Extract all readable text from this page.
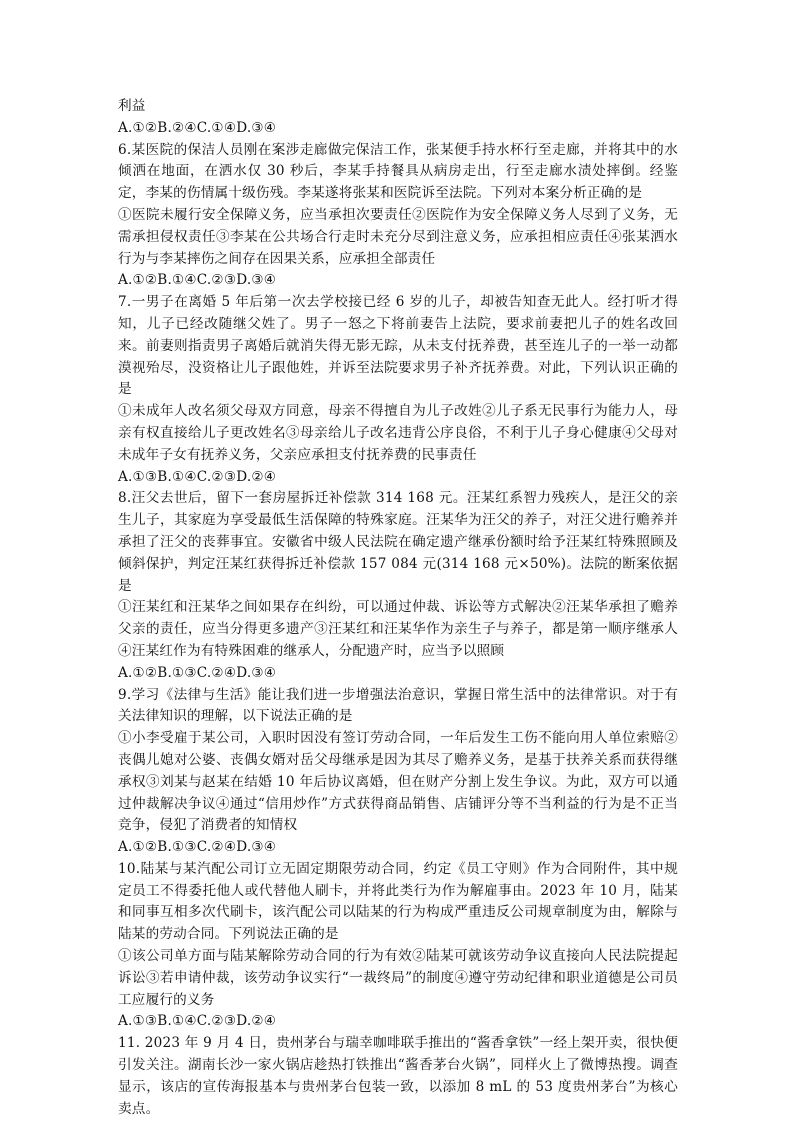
利益

A.①②B.②④C.①④D.③④

6.某医院的保洁人员刚在案涉走廊做完保洁工作，张某便手持水杯行至走廊，并将其中的水倾洒在地面，在洒水仅 30 秒后，李某手持餐具从病房走出，行至走廊水渍处摔倒。经鉴定，李某的伤情属十级伤残。李某遂将张某和医院诉至法院。下列对本案分析正确的是

①医院未履行安全保障义务，应当承担次要责任②医院作为安全保障义务人尽到了义务，无需承担侵权责任③李某在公共场合行走时未充分尽到注意义务，应承担相应责任④张某洒水行为与李某摔伤之间存在因果关系，应承担全部责任

A.①②B.①④C.②③D.③④

7.一男子在离婚 5 年后第一次去学校接已经 6 岁的儿子，却被告知查无此人。经打听才得知，儿子已经改随继父姓了。男子一怒之下将前妻告上法院，要求前妻把儿子的姓名改回来。前妻则指责男子离婚后就消失得无影无踪，从未支付抚养费，甚至连儿子的一举一动都漠视殆尽，没资格让儿子跟他姓，并诉至法院要求男子补齐抚养费。对此，下列认识正确的是

①未成年人改名须父母双方同意，母亲不得擅自为儿子改姓②儿子系无民事行为能力人，母亲有权直接给儿子更改姓名③母亲给儿子改名违背公序良俗，不利于儿子身心健康④父母对未成年子女有抚养义务，父亲应承担支付抚养费的民事责任

A.①③B.①④C.②③D.②④

8.汪父去世后，留下一套房屋拆迁补偿款 314 168 元。汪某红系智力残疾人，是汪父的亲生儿子，其家庭为享受最低生活保障的特殊家庭。汪某华为汪父的养子，对汪父进行赡养并承担了汪父的丧葬事宜。安徽省中级人民法院在确定遗产继承份额时给予汪某红特殊照顾及倾斜保护，判定汪某红获得拆迁补偿款 157 084 元(314 168 元×50%)。法院的断案依据是

①汪某红和汪某华之间如果存在纠纷，可以通过仲裁、诉讼等方式解决②汪某华承担了赡养父亲的责任，应当分得更多遗产③汪某红和汪某华作为亲生子与养子，都是第一顺序继承人④汪某红作为有特殊困难的继承人，分配遗产时，应当予以照顾

A.①②B.①③C.②④D.③④

9.学习《法律与生活》能让我们进一步增强法治意识，掌握日常生活中的法律常识。对于有关法律知识的理解，以下说法正确的是

①小李受雇于某公司，入职时因没有签订劳动合同，一年后发生工伤不能向用人单位索赔②丧偶儿媳对公婆、丧偶女婿对岳父母继承是因为其尽了赡养义务，是基于扶养关系而获得继承权③刘某与赵某在结婚 10 年后协议离婚，但在财产分割上发生争议。为此，双方可以通过仲裁解决争议④通过“信用炒作”方式获得商品销售、店铺评分等不当利益的行为是不正当竞争，侵犯了消费者的知情权

A.①②B.①③C.②④D.③④

10.陆某与某汽配公司订立无固定期限劳动合同，约定《员工守则》作为合同附件，其中规定员工不得委托他人或代替他人刷卡，并将此类行为作为解雇事由。2023 年 10 月，陆某和同事互相多次代刷卡，该汽配公司以陆某的行为构成严重违反公司规章制度为由，解除与陆某的劳动合同。下列说法正确的是

①该公司单方面与陆某解除劳动合同的行为有效②陆某可就该劳动争议直接向人民法院提起诉讼③若申请仲裁，该劳动争议实行“一裁终局”的制度④遵守劳动纪律和职业道德是公司员工应履行的义务

A.①③B.①④C.②③D.②④

11. 2023 年 9 月 4 日，贵州茅台与瑞幸咖啡联手推出的“酱香拿铁”一经上架开卖，很快便引发关注。湖南长沙一家火锅店趁热打铁推出“酱香茅台火锅”，同样火上了微博热搜。调查显示，该店的宣传海报基本与贵州茅台包装一致，以添加 8 mL 的 53 度贵州茅台”为核心卖点。
